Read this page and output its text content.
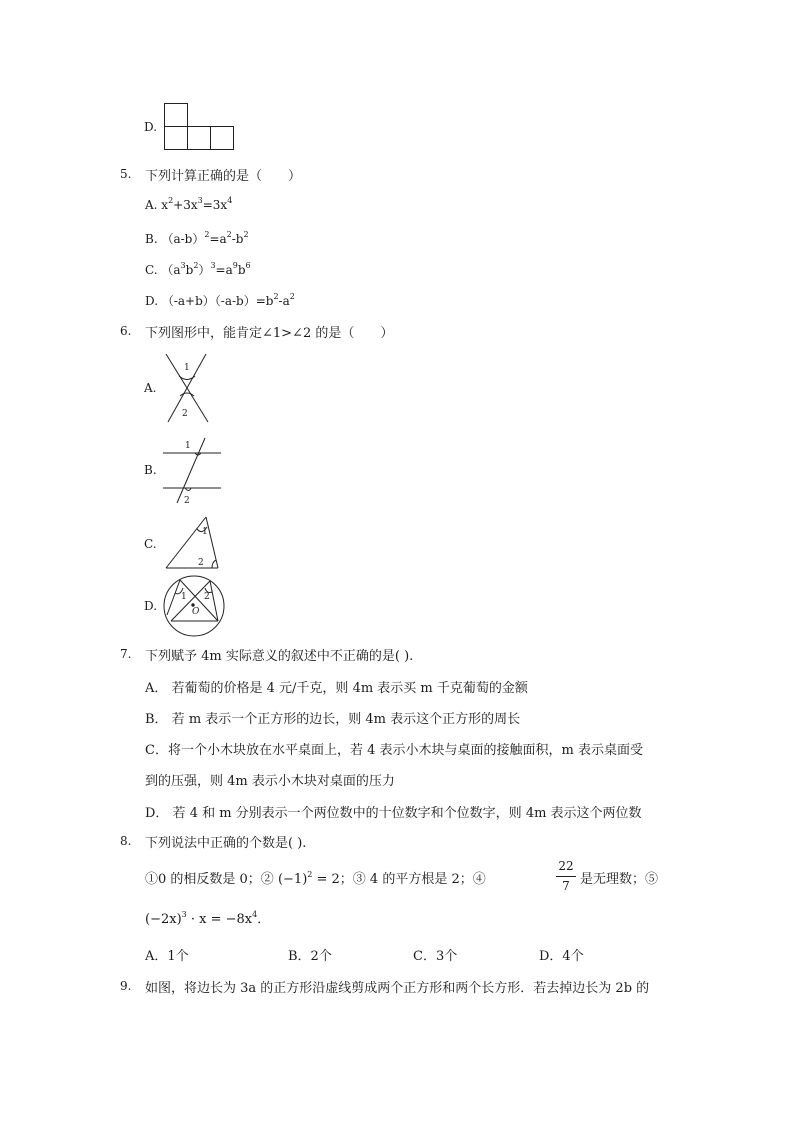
D.
5. 下列计算正确的是（　　）
A. $x^2+3x^3=3x^4$
B. $(a-b)^2=a^2-b^2$
C. $(a^3b^2)^3=a^9b^6$
D. $(-a+b)(-a-b)=b^2-a^2$
6. 下列图形中，能肯定∠1>∠2 的是（　　）
A.
1
2
B.
1
2
C.
1
2
D.
1 2
O
7. 下列赋予 4m 实际意义的叙述中不正确的是( ).
A． 若葡萄的价格是 4 元/千克，则 4m 表示买 m 千克葡萄的金额
B． 若 m 表示一个正方形的边长，则 4m 表示这个正方形的周长
C．将一个小木块放在水平桌面上，若 4 表示小木块与桌面的接触面积，m 表示桌面受
到的压强，则 4m 表示小木块对桌面的压力
D． 若 4 和 m 分别表示一个两位数中的十位数字和个位数字，则 4m 表示这个两位数
8. 下列说法中正确的个数是( ).
①0 的相反数是 0；② $(-1)^2 = 2$；③ 4 的平方根是 2；④
22
7 是无理数；⑤
$(-2x)^3 \cdot x = -8x^4$．
A．1个	B．2个	C．3个	D．4个
9. 如图，将边长为 3a 的正方形沿虚线剪成两个正方形和两个长方形．若去掉边长为 2b 的
